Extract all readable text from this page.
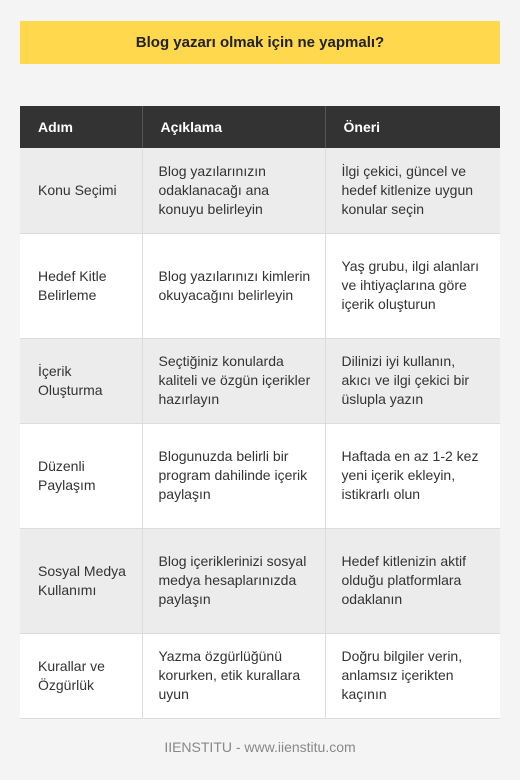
Blog yazarı olmak için ne yapmalı?
Adım	Açıklama	Öneri
Konu Seçimi	Blog yazılarınızın odaklanacağı ana konuyu belirleyin	İlgi çekici, güncel ve hedef kitlenize uygun konular seçin
Hedef Kitle Belirleme	Blog yazılarınızı kimlerin okuyacağını belirleyin	Yaş grubu, ilgi alanları ve ihtiyaçlarına göre içerik oluşturun
İçerik Oluşturma	Seçtiğiniz konularda kaliteli ve özgün içerikler hazırlayın	Dilinizi iyi kullanın, akıcı ve ilgi çekici bir üslupla yazın
Düzenli Paylaşım	Blogunuzda belirli bir program dahilinde içerik paylaşın	Haftada en az 1-2 kez yeni içerik ekleyin, istikrarlı olun
Sosyal Medya Kullanımı	Blog içeriklerinizi sosyal medya hesaplarınızda paylaşın	Hedef kitlenizin aktif olduğu platformlara odaklanın
Kurallar ve Özgürlük	Yazma özgürlüğünü korurken, etik kurallara uyun	Doğru bilgiler verin, anlamsız içerikten kaçının
IIENSTITU - www.iienstitu.com
